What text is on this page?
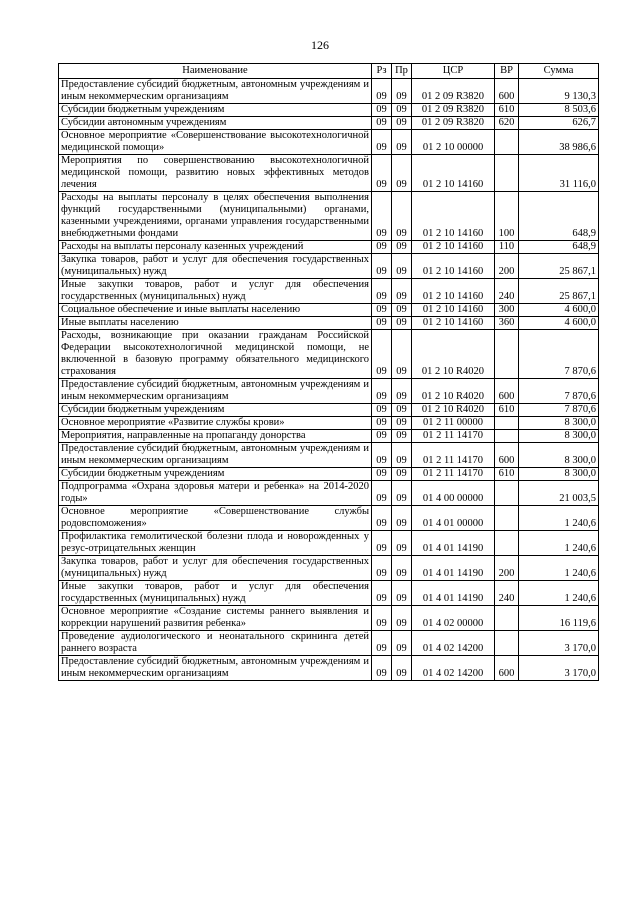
126
Наименование	Рз	Пр	ЦСР	ВР	Сумма
Предоставление субсидий бюджетным, автономным учреждениям и иным некоммерческим организациям	09	09	01 2 09 R3820	600	9 130,3
Субсидии бюджетным учреждениям	09	09	01 2 09 R3820	610	8 503,6
Субсидии автономным учреждениям	09	09	01 2 09 R3820	620	626,7
Основное мероприятие «Совершенствование высокотехнологичной медицинской помощи»	09	09	01 2 10 00000		38 986,6
Мероприятия по совершенствованию высокотехнологичной медицинской помощи, развитию новых эффективных методов лечения	09	09	01 2 10 14160		31 116,0
Расходы на выплаты персоналу в целях обеспечения выполнения функций государственными (муниципальными) органами, казенными учреждениями, органами управления государственными внебюджетными фондами	09	09	01 2 10 14160	100	648,9
Расходы на выплаты персоналу казенных учреждений	09	09	01 2 10 14160	110	648,9
Закупка товаров, работ и услуг для обеспечения государственных (муниципальных) нужд	09	09	01 2 10 14160	200	25 867,1
Иные закупки товаров, работ и услуг для обеспечения государственных (муниципальных) нужд	09	09	01 2 10 14160	240	25 867,1
Социальное обеспечение и иные выплаты населению	09	09	01 2 10 14160	300	4 600,0
Иные выплаты населению	09	09	01 2 10 14160	360	4 600,0
Расходы, возникающие при оказании гражданам Российской Федерации высокотехнологичной медицинской помощи, не включенной в базовую программу обязательного медицинского страхования	09	09	01 2 10 R4020		7 870,6
Предоставление субсидий бюджетным, автономным учреждениям и иным некоммерческим организациям	09	09	01 2 10 R4020	600	7 870,6
Субсидии бюджетным учреждениям	09	09	01 2 10 R4020	610	7 870,6
Основное мероприятие «Развитие службы крови»	09	09	01 2 11 00000		8 300,0
Мероприятия, направленные на пропаганду донорства	09	09	01 2 11 14170		8 300,0
Предоставление субсидий бюджетным, автономным учреждениям и иным некоммерческим организациям	09	09	01 2 11 14170	600	8 300,0
Субсидии бюджетным учреждениям	09	09	01 2 11 14170	610	8 300,0
Подпрограмма «Охрана здоровья матери и ребенка» на 2014-2020 годы»	09	09	01 4 00 00000		21 003,5
Основное мероприятие «Совершенствование службы родовспоможения»	09	09	01 4 01 00000		1 240,6
Профилактика гемолитической болезни плода и новорожденных у резус-отрицательных женщин	09	09	01 4 01 14190		1 240,6
Закупка товаров, работ и услуг для обеспечения государственных (муниципальных) нужд	09	09	01 4 01 14190	200	1 240,6
Иные закупки товаров, работ и услуг для обеспечения государственных (муниципальных) нужд	09	09	01 4 01 14190	240	1 240,6
Основное мероприятие «Создание системы раннего выявления и коррекции нарушений развития ребенка»	09	09	01 4 02 00000		16 119,6
Проведение аудиологического и неонатального скрининга детей раннего возраста	09	09	01 4 02 14200		3 170,0
Предоставление субсидий бюджетным, автономным учреждениям и иным некоммерческим организациям	09	09	01 4 02 14200	600	3 170,0
